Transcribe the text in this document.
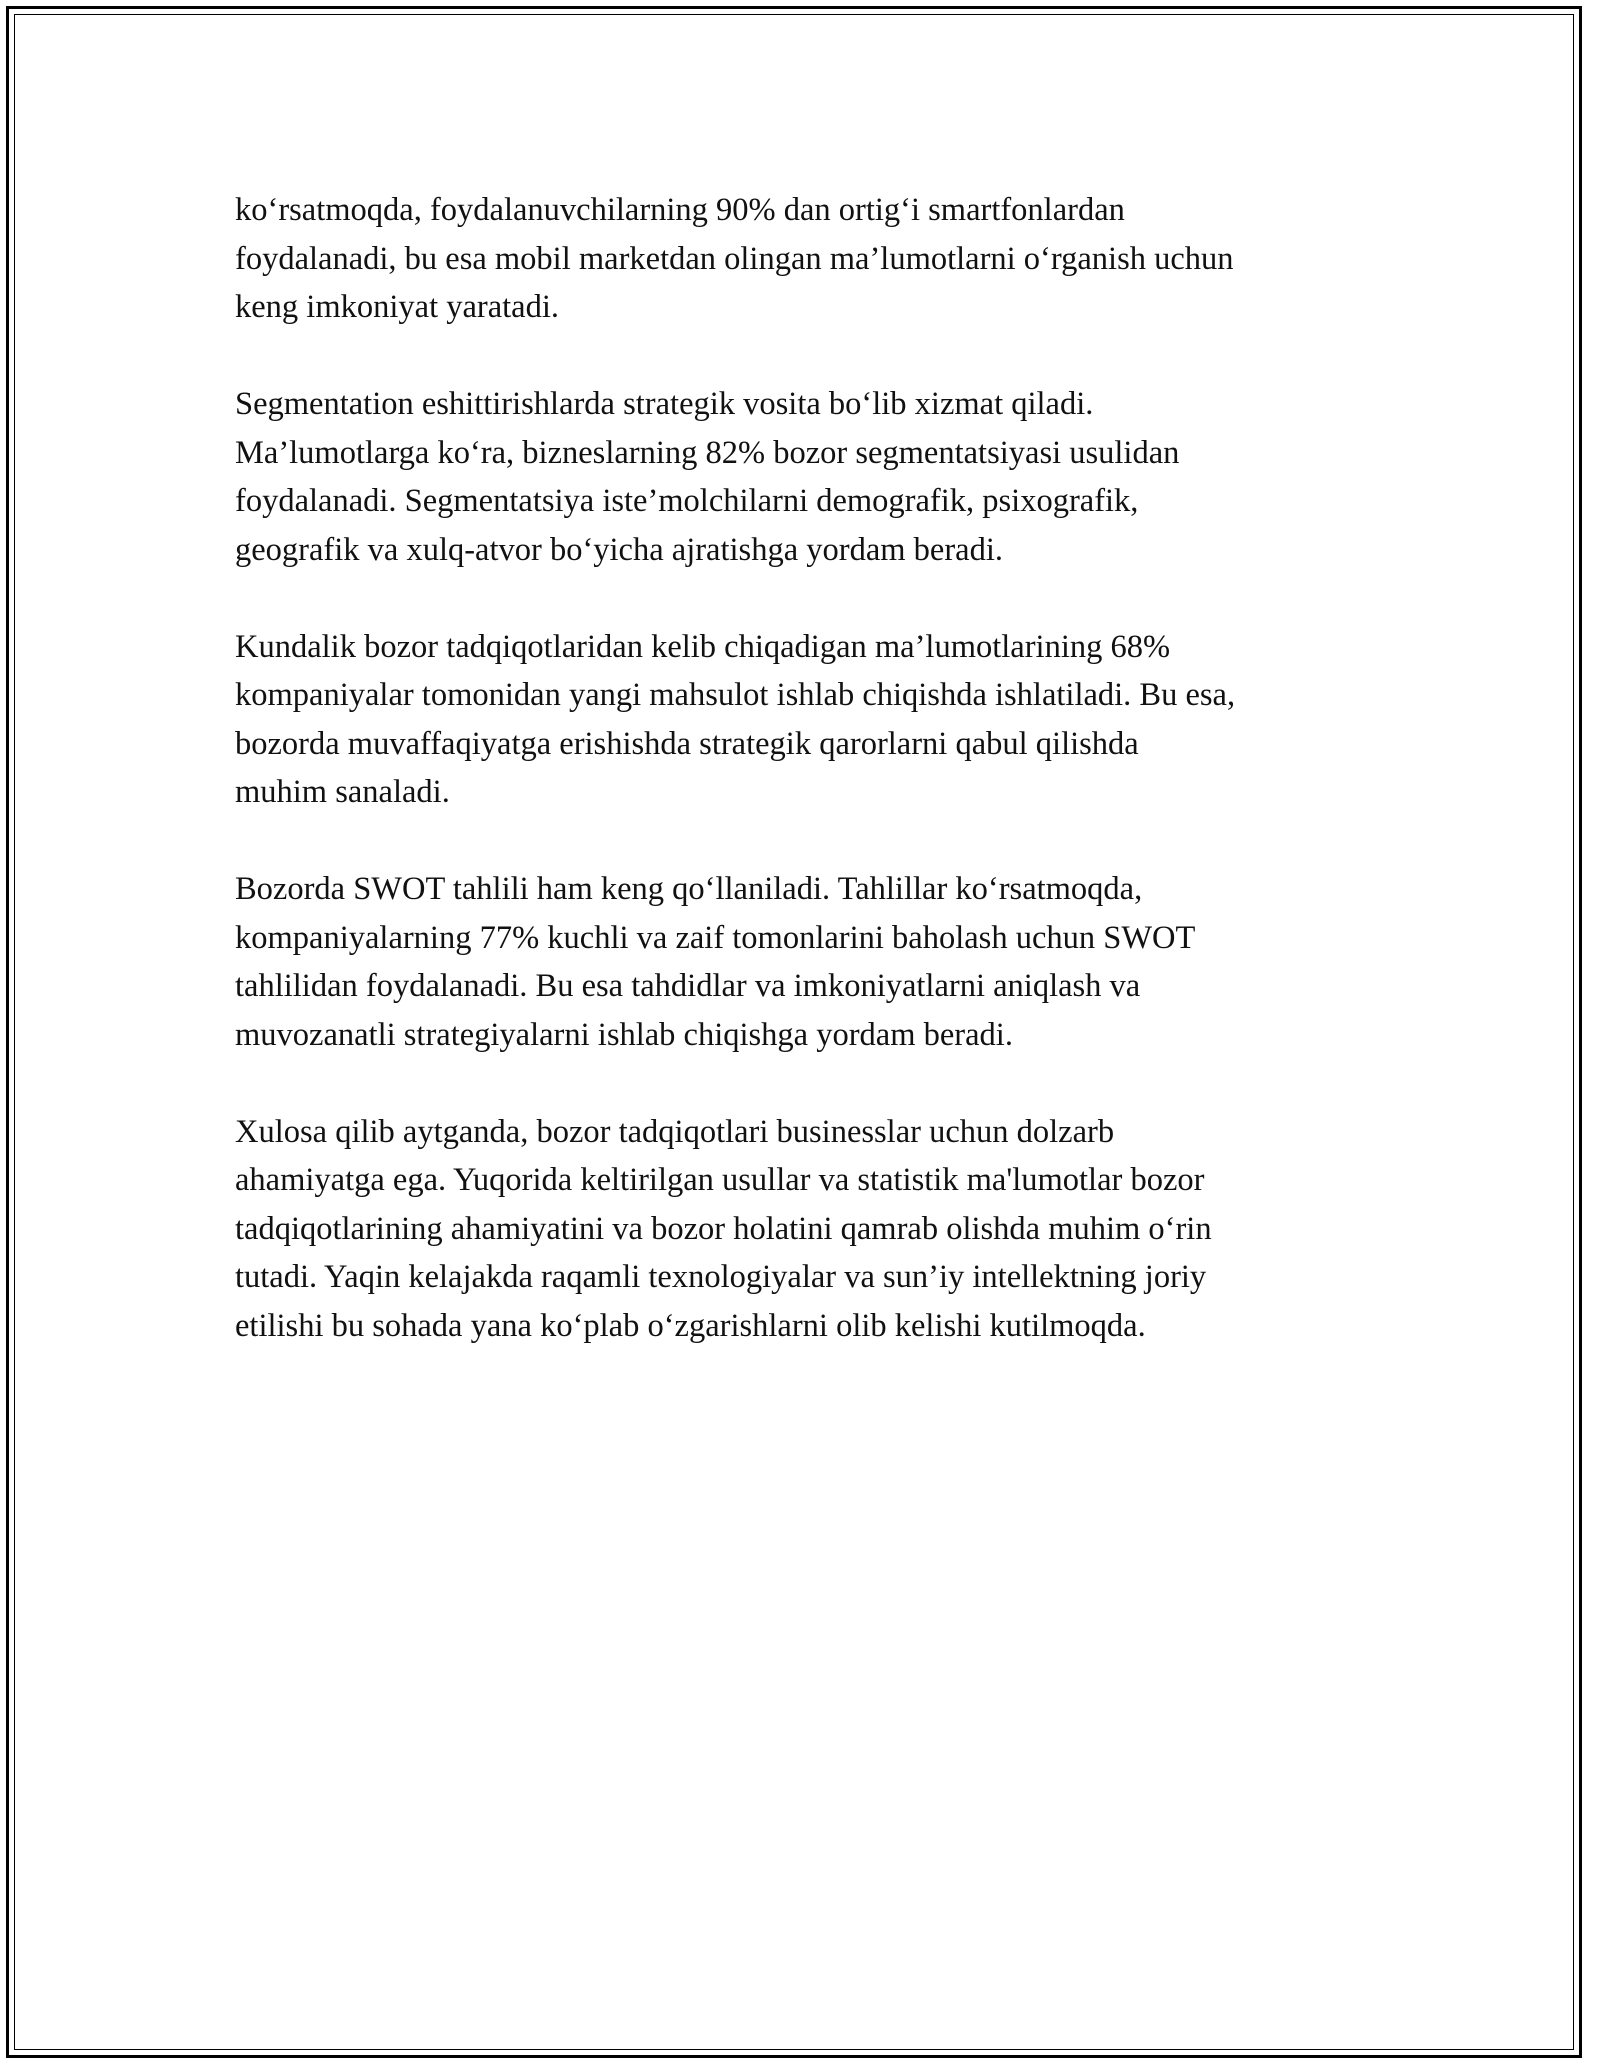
ko‘rsatmoqda, foydalanuvchilarning 90% dan ortig‘i smartfonlardan
foydalanadi, bu esa mobil marketdan olingan ma’lumotlarni o‘rganish uchun
keng imkoniyat yaratadi.

Segmentation eshittirishlarda strategik vosita bo‘lib xizmat qiladi.
Ma’lumotlarga ko‘ra, bizneslarning 82% bozor segmentatsiyasi usulidan
foydalanadi. Segmentatsiya iste’molchilarni demografik, psixografik,
geografik va xulq-atvor bo‘yicha ajratishga yordam beradi.

Kundalik bozor tadqiqotlaridan kelib chiqadigan ma’lumotlarining 68%
kompaniyalar tomonidan yangi mahsulot ishlab chiqishda ishlatiladi. Bu esa,
bozorda muvaffaqiyatga erishishda strategik qarorlarni qabul qilishda
muhim sanaladi.

Bozorda SWOT tahlili ham keng qo‘llaniladi. Tahlillar ko‘rsatmoqda,
kompaniyalarning 77% kuchli va zaif tomonlarini baholash uchun SWOT
tahlilidan foydalanadi. Bu esa tahdidlar va imkoniyatlarni aniqlash va
muvozanatli strategiyalarni ishlab chiqishga yordam beradi.

Xulosa qilib aytganda, bozor tadqiqotlari businesslar uchun dolzarb
ahamiyatga ega. Yuqorida keltirilgan usullar va statistik ma'lumotlar bozor
tadqiqotlarining ahamiyatini va bozor holatini qamrab olishda muhim o‘rin
tutadi. Yaqin kelajakda raqamli texnologiyalar va sun’iy intellektning joriy
etilishi bu sohada yana ko‘plab o‘zgarishlarni olib kelishi kutilmoqda.
